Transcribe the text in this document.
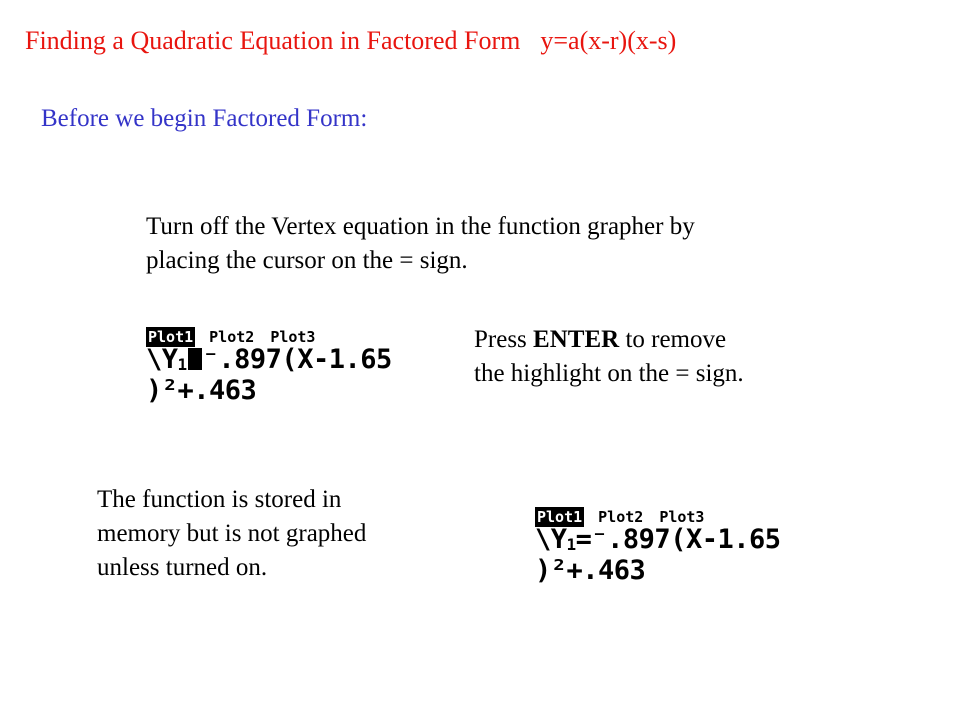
Finding a Quadratic Equation in Factored Form y=a(x-r)(x-s)
Before we begin Factored Form:
Turn off the Vertex equation in the function grapher by
placing the cursor on the = sign.
Plot1 Plot2 Plot3
\Y1 ⁻.897(X-1.65
)²+.463
Press ENTER to remove
the highlight on the = sign.
The function is stored in
memory but is not graphed
unless turned on.
Plot1 Plot2 Plot3
\Y1=⁻.897(X-1.65
)²+.463
